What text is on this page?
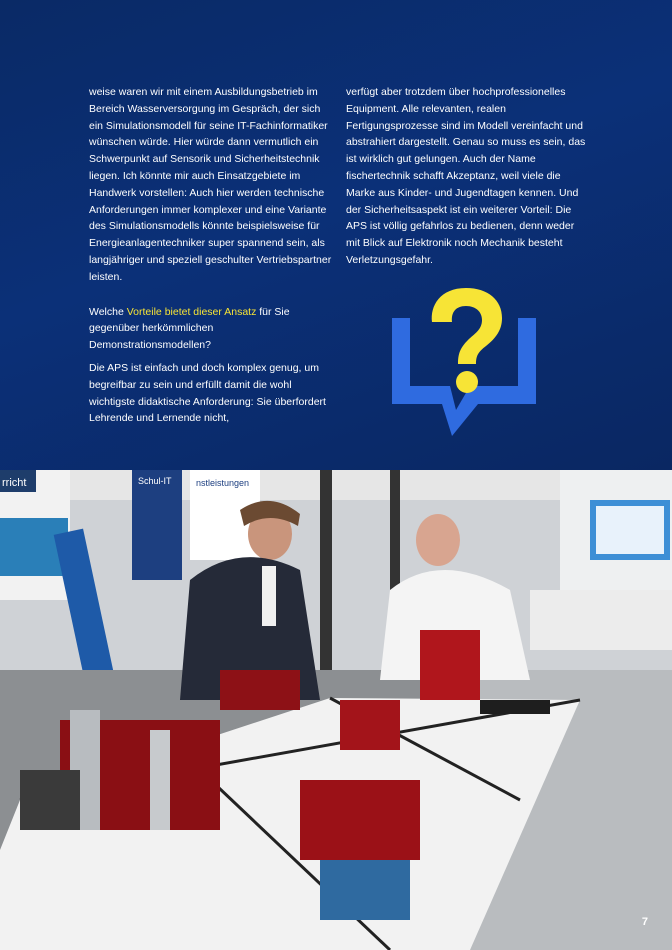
weise waren wir mit einem Ausbildungsbetrieb im Bereich Wasserversorgung im Gespräch, der sich ein Simulationsmodell für seine IT-Fachinformatiker wünschen würde. Hier würde dann vermutlich ein Schwerpunkt auf Sensorik und Sicherheitstechnik liegen. Ich könnte mir auch Einsatzgebiete im Handwerk vorstellen: Auch hier werden technische Anforderungen immer komplexer und eine Variante des Simulationsmodells könnte beispielsweise für Energieanlagentechniker super spannend sein, als langjähriger und speziell geschulter Vertriebspartner leisten.

Welche Vorteile bietet dieser Ansatz für Sie gegenüber herkömmlichen Demonstrationsmodellen?

Die APS ist einfach und doch komplex genug, um begreifbar zu sein und erfüllt damit die wohl wichtigste didaktische Anforderung: Sie überfordert Lehrende und Lernende nicht,

verfügt aber trotzdem über hochprofessionelles Equipment. Alle relevanten, realen Fertigungsprozesse sind im Modell vereinfacht und abstrahiert dargestellt. Genau so muss es sein, das ist wirklich gut gelungen. Auch der Name fischertechnik schafft Akzeptanz, weil viele die Marke aus Kinder- und Jugendtagen kennen. Und der Sicherheitsaspekt ist ein weiterer Vorteil: Die APS ist völlig gefahrlos zu bedienen, denn weder mit Blick auf Elektronik noch Mechanik besteht Verletzungsgefahr.

rricht	Schul-IT	nstleistungen
7
